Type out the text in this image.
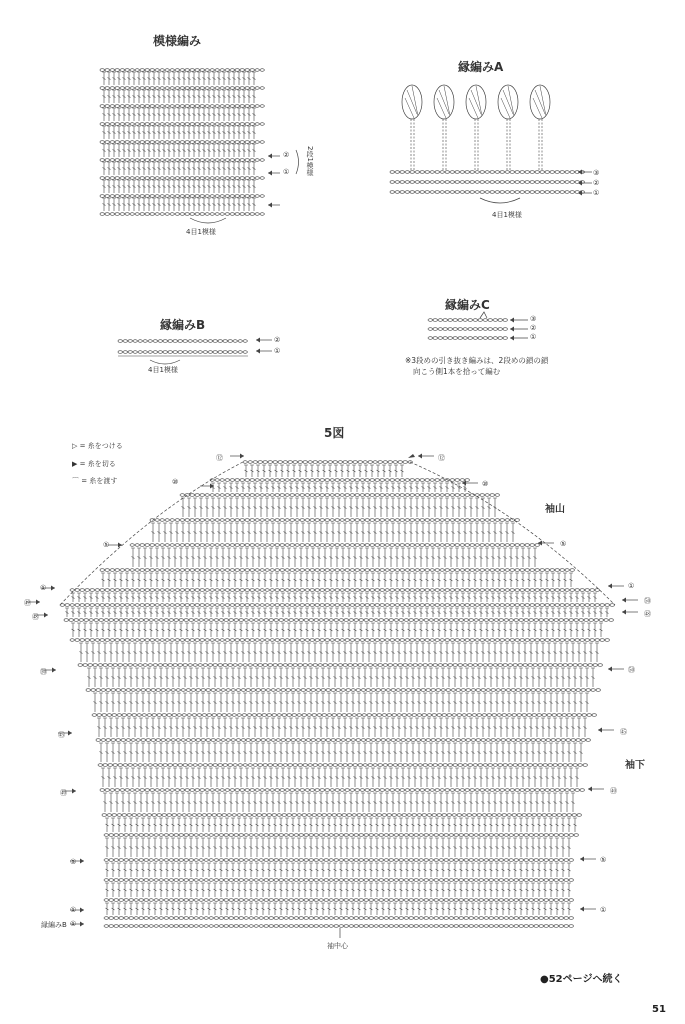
模様編み
4目1模様
②
① 2段1模様
縁編みA
4目1模様
③
②
①
縁編みB
4目1模様
②
①
縁編みC
③
②
①
※3段めの引き抜き編みは、2段めの鎖の鎖
向こう側1本を拾って編む
5図
▷ = 糸をつける
▶ = 糸を切る
⌒ = 糸を渡す
袖山
袖下
袖中心
縁編みB
⑫
⑩
⑤
①
㊾
㊽
㊿
㊺
㊵
⑤
①
①
⑫
⑩
⑤
①
㊿
㊽
㊿
㊺
㊵
⑤
①
●52ページへ続く
51
